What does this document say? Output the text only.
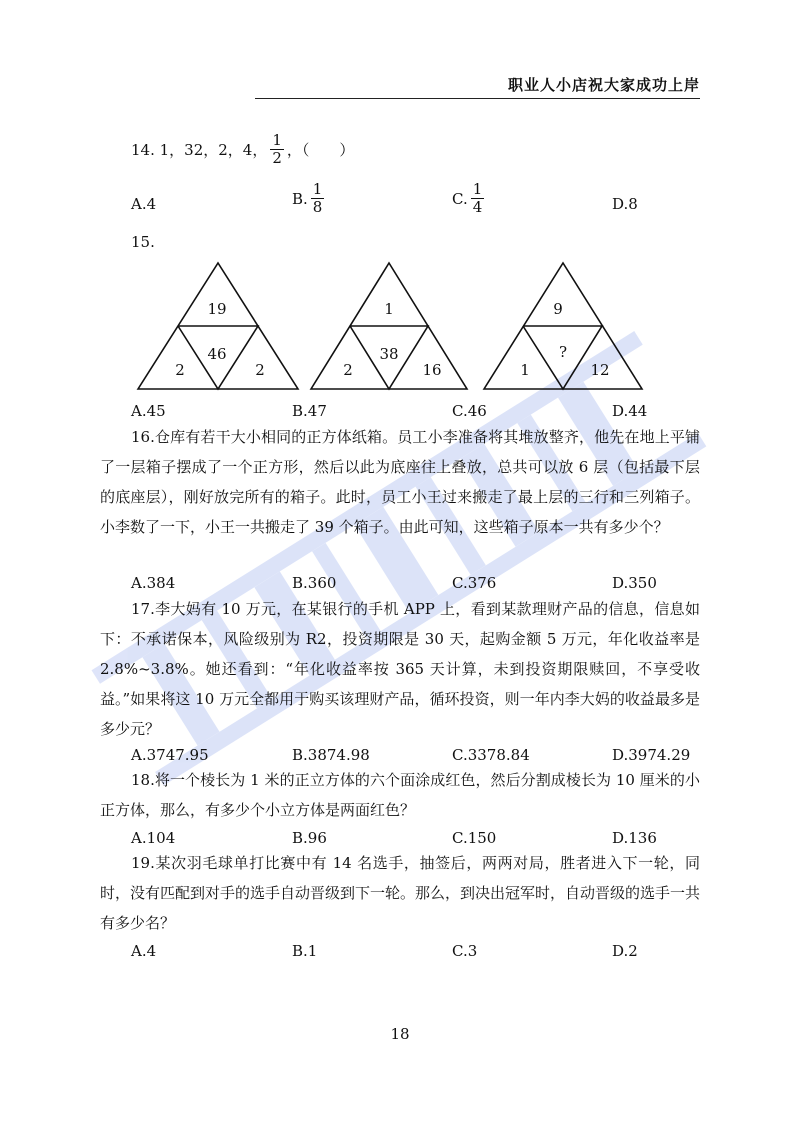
职业人小店祝大家成功上岸
14. 1，32，2，4， $\frac{1}{2}$ ，（　　）
A.4	B. $\frac{1}{8}$	C. $\frac{1}{4}$	D.8
15.
19
46
2	2
1
38
2	16
9
?
1	12
A.45	B.47	C.46	D.44
16.仓库有若干大小相同的正方体纸箱。员工小李准备将其堆放整齐，他先在地上平铺了一层箱子摆成了一个正方形，然后以此为底座往上叠放，总共可以放 6 层（包括最下层的底座层），刚好放完所有的箱子。此时，员工小王过来搬走了最上层的三行和三列箱子。小李数了一下，小王一共搬走了 39 个箱子。由此可知，这些箱子原本一共有多少个？
A.384	B.360	C.376	D.350
17.李大妈有 10 万元，在某银行的手机 APP 上，看到某款理财产品的信息，信息如下：不承诺保本，风险级别为 R2，投资期限是 30 天，起购金额 5 万元，年化收益率是 2.8%~3.8%。她还看到：“年化收益率按 365 天计算，未到投资期限赎回，不享受收益。”如果将这 10 万元全都用于购买该理财产品，循环投资，则一年内李大妈的收益最多是多少元？
A.3747.95	B.3874.98	C.3378.84	D.3974.29
18.将一个棱长为 1 米的正立方体的六个面涂成红色，然后分割成棱长为 10 厘米的小正方体，那么，有多少个小立方体是两面红色？
A.104	B.96	C.150	D.136
19.某次羽毛球单打比赛中有 14 名选手，抽签后，两两对局，胜者进入下一轮，同时，没有匹配到对手的选手自动晋级到下一轮。那么，到决出冠军时，自动晋级的选手一共有多少名？
A.4	B.1	C.3	D.2
18
